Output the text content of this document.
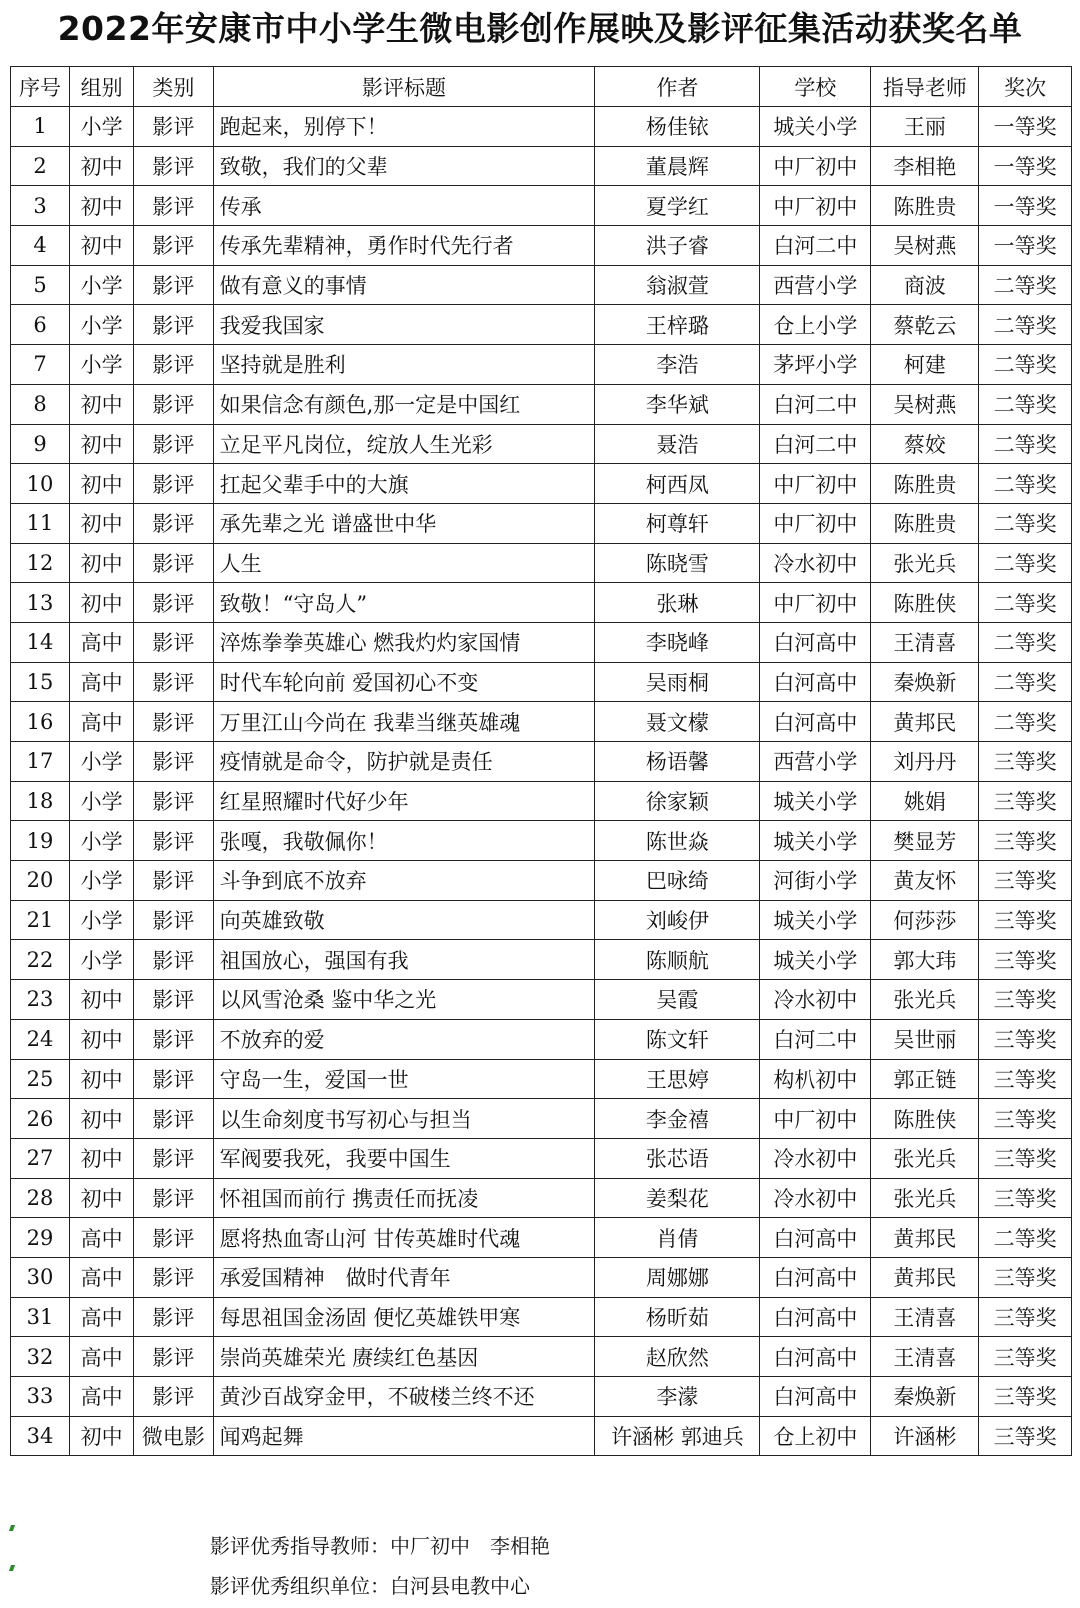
2022年安康市中小学生微电影创作展映及影评征集活动获奖名单
序号	组别	类别	影评标题	作者	学校	指导老师	奖次
1	小学	影评	跑起来，别停下！	杨佳铱	城关小学	王丽	一等奖
2	初中	影评	致敬，我们的父辈	董晨辉	中厂初中	李相艳	一等奖
3	初中	影评	传承	夏学红	中厂初中	陈胜贵	一等奖
4	初中	影评	传承先辈精神，勇作时代先行者	洪子睿	白河二中	吴树燕	一等奖
5	小学	影评	做有意义的事情	翁淑萱	西营小学	商波	二等奖
6	小学	影评	我爱我国家	王梓璐	仓上小学	蔡乾云	二等奖
7	小学	影评	坚持就是胜利	李浩	茅坪小学	柯建	二等奖
8	初中	影评	如果信念有颜色,那一定是中国红	李华斌	白河二中	吴树燕	二等奖
9	初中	影评	立足平凡岗位，绽放人生光彩	聂浩	白河二中	蔡姣	二等奖
10	初中	影评	扛起父辈手中的大旗	柯西凤	中厂初中	陈胜贵	二等奖
11	初中	影评	承先辈之光 谱盛世中华	柯尊轩	中厂初中	陈胜贵	二等奖
12	初中	影评	人生	陈晓雪	冷水初中	张光兵	二等奖
13	初中	影评	致敬！“守岛人”	张琳	中厂初中	陈胜侠	二等奖
14	高中	影评	淬炼拳拳英雄心 燃我灼灼家国情	李晓峰	白河高中	王清喜	二等奖
15	高中	影评	时代车轮向前 爱国初心不变	吴雨桐	白河高中	秦焕新	二等奖
16	高中	影评	万里江山今尚在 我辈当继英雄魂	聂文檬	白河高中	黄邦民	二等奖
17	小学	影评	疫情就是命令，防护就是责任	杨语馨	西营小学	刘丹丹	三等奖
18	小学	影评	红星照耀时代好少年	徐家颖	城关小学	姚娟	三等奖
19	小学	影评	张嘎，我敬佩你！	陈世焱	城关小学	樊显芳	三等奖
20	小学	影评	斗争到底不放弃	巴咏绮	河街小学	黄友怀	三等奖
21	小学	影评	向英雄致敬	刘峻伊	城关小学	何莎莎	三等奖
22	小学	影评	祖国放心，强国有我	陈顺航	城关小学	郭大玮	三等奖
23	初中	影评	以风雪沧桑 鉴中华之光	吴霞	冷水初中	张光兵	三等奖
24	初中	影评	不放弃的爱	陈文轩	白河二中	吴世丽	三等奖
25	初中	影评	守岛一生，爱国一世	王思婷	构朳初中	郭正链	三等奖
26	初中	影评	以生命刻度书写初心与担当	李金禧	中厂初中	陈胜侠	三等奖
27	初中	影评	军阀要我死，我要中国生	张芯语	冷水初中	张光兵	三等奖
28	初中	影评	怀祖国而前行 携责任而抚凌	姜梨花	冷水初中	张光兵	三等奖
29	高中	影评	愿将热血寄山河 甘传英雄时代魂	肖倩	白河高中	黄邦民	二等奖
30	高中	影评	承爱国精神　做时代青年	周娜娜	白河高中	黄邦民	三等奖
31	高中	影评	每思祖国金汤固 便忆英雄铁甲寒	杨昕茹	白河高中	王清喜	三等奖
32	高中	影评	崇尚英雄荣光 赓续红色基因	赵欣然	白河高中	王清喜	三等奖
33	高中	影评	黄沙百战穿金甲，不破楼兰终不还	李濛	白河高中	秦焕新	三等奖
34	初中	微电影	闻鸡起舞	许涵彬 郭迪兵	仓上初中	许涵彬	三等奖
影评优秀指导教师：中厂初中　李相艳
影评优秀组织单位：白河县电教中心
